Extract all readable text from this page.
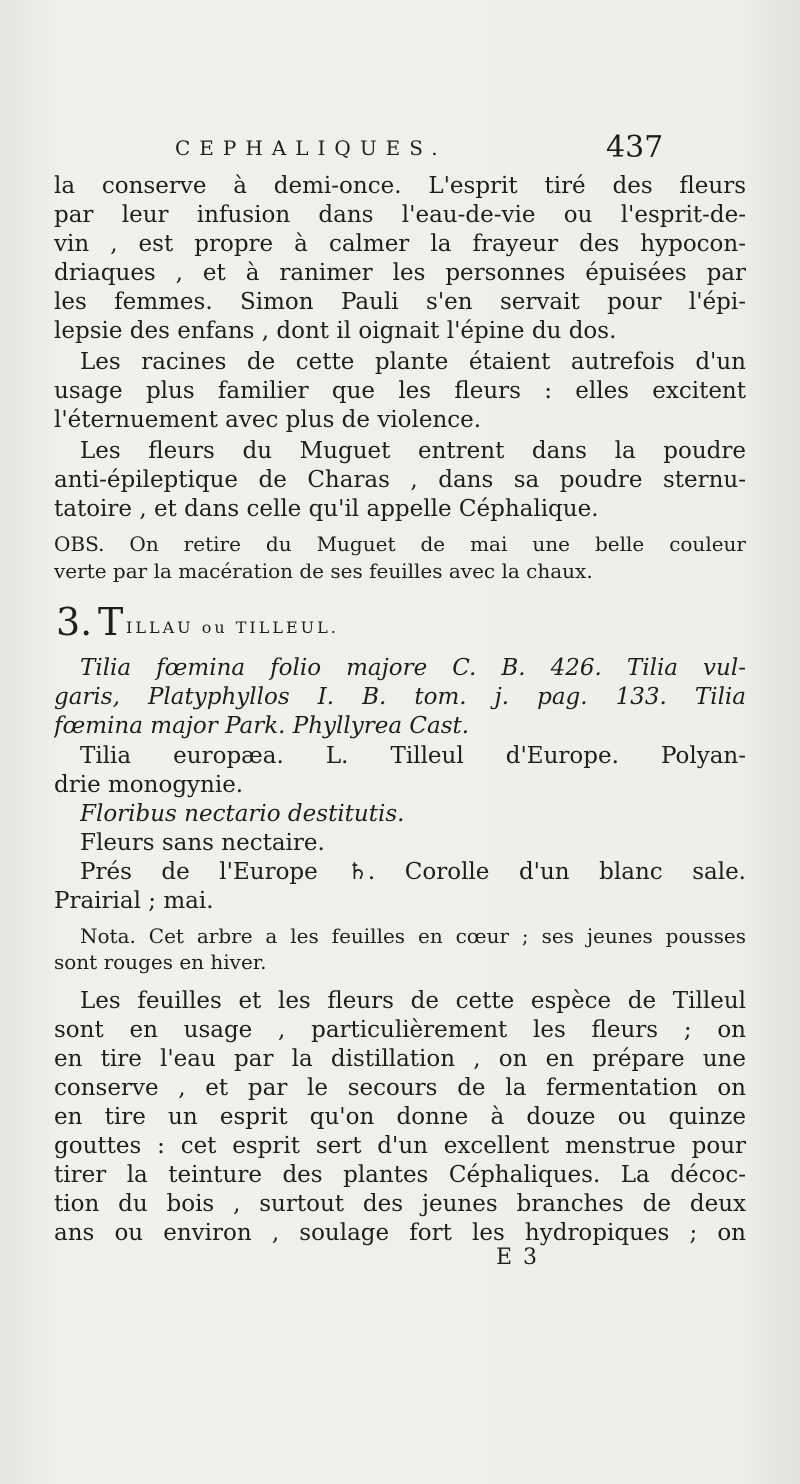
CEPHALIQUES.	437
la conserve à demi-once. L'esprit tiré des fleurs
par leur infusion dans l'eau-de-vie ou l'esprit-de-
vin , est propre à calmer la frayeur des hypocon-
driaques , et à ranimer les personnes épuisées par
les femmes. Simon Pauli s'en servait pour l'épi-
lepsie des enfans , dont il oignait l'épine du dos.
Les racines de cette plante étaient autrefois d'un
usage plus familier que les fleurs : elles excitent
l'éternuement avec plus de violence.
Les fleurs du Muguet entrent dans la poudre
anti-épileptique de Charas , dans sa poudre sternu-
tatoire , et dans celle qu'il appelle Céphalique.
OBS. On retire du Muguet de mai une belle couleur
verte par la macération de ses feuilles avec la chaux.
3. T ILLAU ou TILLEUL.
Tilia fœmina folio majore C. B. 426. Tilia vul-
garis, Platyphyllos I. B. tom. j. pag. 133. Tilia
fœmina major Park. Phyllyrea Cast.
Tilia europæa. L. Tilleul d'Europe. Polyan-
drie monogynie.
Floribus nectario destitutis.
Fleurs sans nectaire.
Prés de l'Europe ♄. Corolle d'un blanc sale.
Prairial ; mai.
Nota. Cet arbre a les feuilles en cœur ; ses jeunes pousses
sont rouges en hiver.
Les feuilles et les fleurs de cette espèce de Tilleul
sont en usage , particulièrement les fleurs ; on
en tire l'eau par la distillation , on en prépare une
conserve , et par le secours de la fermentation on
en tire un esprit qu'on donne à douze ou quinze
gouttes : cet esprit sert d'un excellent menstrue pour
tirer la teinture des plantes Céphaliques. La décoc-
tion du bois , surtout des jeunes branches de deux
ans ou environ , soulage fort les hydropiques ; on
E 3
